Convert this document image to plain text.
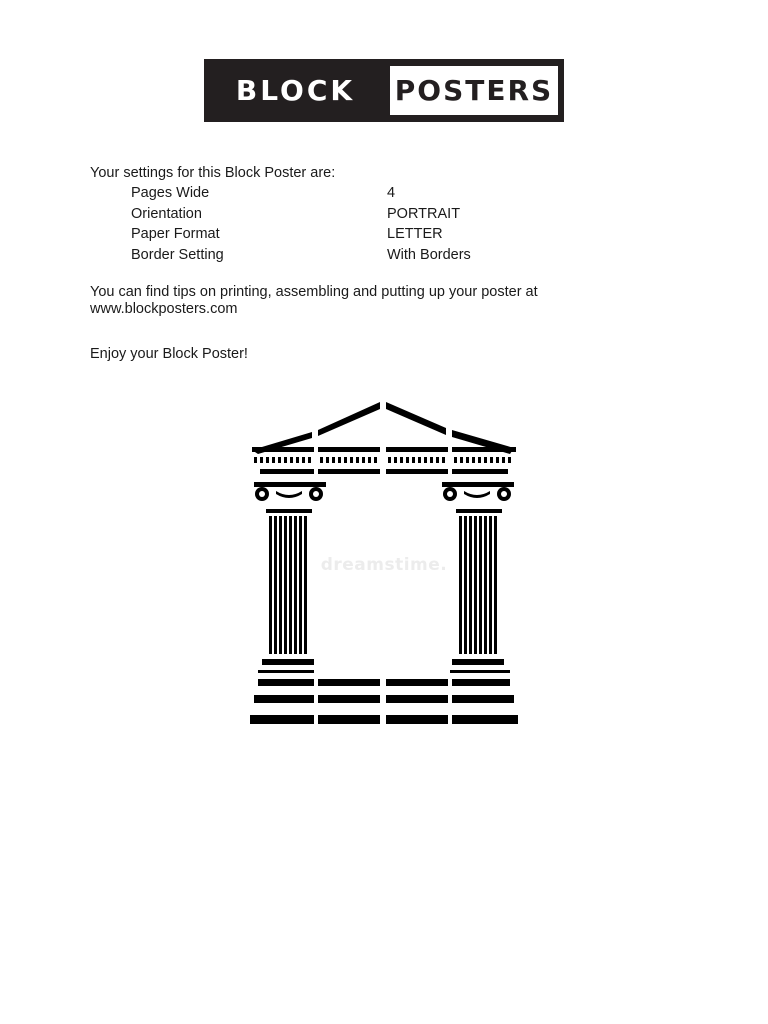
BLOCK	POSTERS
Your settings for this Block Poster are:
Pages Wide	4
Orientation	PORTRAIT
Paper Format	LETTER
Border Setting	With Borders
You can find tips on printing, assembling and putting up your poster at www.blockposters.com
Enjoy your Block Poster!
dreamstime.
